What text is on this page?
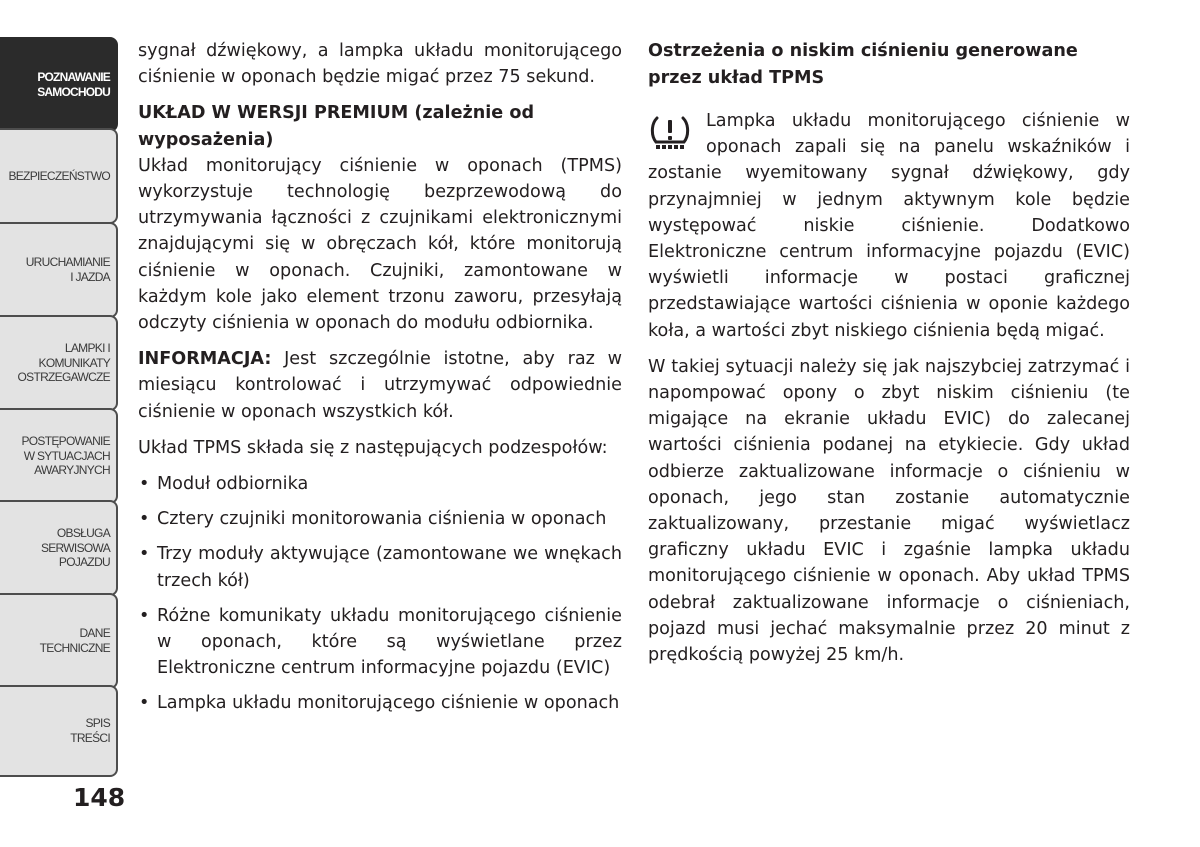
POZNAWANIE
SAMOCHODU
BEZPIECZEŃSTWO
URUCHAMIANIE
I JAZDA
LAMPKI I
KOMUNIKATY
OSTRZEGAWCZE
POSTĘPOWANIE
W SYTUACJACH
AWARYJNYCH
OBSŁUGA
SERWISOWA
POJAZDU
DANE
TECHNICZNE
SPIS
TREŚCI
148

sygnał dźwiękowy, a lampka układu monitorującego ciśnienie w oponach będzie migać przez 75 sekund.

UKŁAD W WERSJI PREMIUM (zależnie od wyposażenia)

Układ monitorujący ciśnienie w oponach (TPMS) wykorzystuje technologię bezprzewodową do utrzymywania łączności z czujnikami elektronicznymi znajdującymi się w obręczach kół, które monitorują ciśnienie w oponach. Czujniki, zamontowane w każdym kole jako element trzonu zaworu, przesyłają odczyty ciśnienia w oponach do modułu odbiornika.

INFORMACJA: Jest szczególnie istotne, aby raz w miesiącu kontrolować i utrzymywać odpowiednie ciśnienie w oponach wszystkich kół.

Układ TPMS składa się z następujących podzespołów:

• Moduł odbiornika
• Cztery czujniki monitorowania ciśnienia w oponach
• Trzy moduły aktywujące (zamontowane we wnękach trzech kół)
• Różne komunikaty układu monitorującego ciśnienie w oponach, które są wyświetlane przez Elektroniczne centrum informacyjne pojazdu (EVIC)
• Lampka układu monitorującego ciśnienie w oponach

Ostrzeżenia o niskim ciśnieniu generowane przez układ TPMS

Lampka układu monitorującego ciśnienie w oponach zapali się na panelu wskaźników i zostanie wyemitowany sygnał dźwiękowy, gdy przynajmniej w jednym aktywnym kole będzie występować niskie ciśnienie. Dodatkowo Elektroniczne centrum informacyjne pojazdu (EVIC) wyświetli informacje w postaci graficznej przedstawiające wartości ciśnienia w oponie każdego koła, a wartości zbyt niskiego ciśnienia będą migać.

W takiej sytuacji należy się jak najszybciej zatrzymać i napompować opony o zbyt niskim ciśnieniu (te migające na ekranie układu EVIC) do zalecanej wartości ciśnienia podanej na etykiecie. Gdy układ odbierze zaktualizowane informacje o ciśnieniu w oponach, jego stan zostanie automatycznie zaktualizowany, przestanie migać wyświetlacz graficzny układu EVIC i zgaśnie lampka układu monitorującego ciśnienie w oponach. Aby układ TPMS odebrał zaktualizowane informacje o ciśnieniach, pojazd musi jechać maksymalnie przez 20 minut z prędkością powyżej 25 km/h.
